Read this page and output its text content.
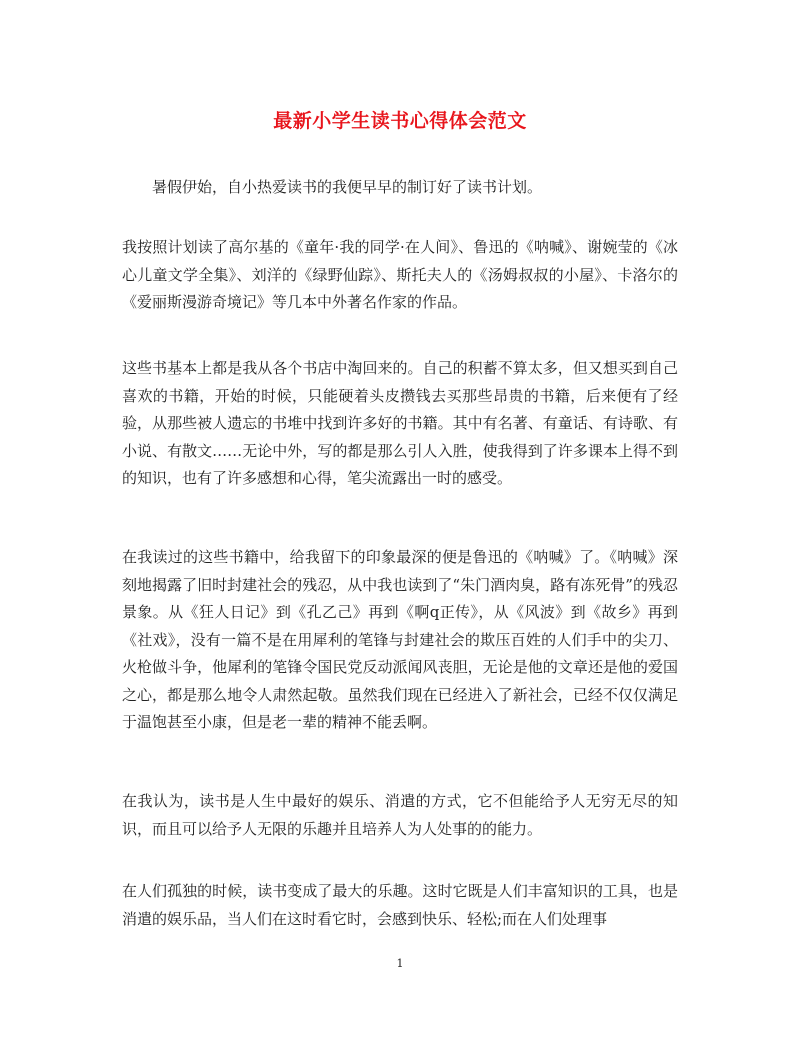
最新小学生读书心得体会范文

暑假伊始，自小热爱读书的我便早早的制订好了读书计划。

我按照计划读了高尔基的《童年·我的同学·在人间》、鲁迅的《呐喊》、谢婉莹的《冰心儿童文学全集》、刘洋的《绿野仙踪》、斯托夫人的《汤姆叔叔的小屋》、卡洛尔的《爱丽斯漫游奇境记》等几本中外著名作家的作品。

这些书基本上都是我从各个书店中淘回来的。自己的积蓄不算太多，但又想买到自己喜欢的书籍，开始的时候，只能硬着头皮攒钱去买那些昂贵的书籍，后来便有了经验，从那些被人遗忘的书堆中找到许多好的书籍。其中有名著、有童话、有诗歌、有小说、有散文……无论中外，写的都是那么引人入胜，使我得到了许多课本上得不到的知识，也有了许多感想和心得，笔尖流露出一时的感受。

在我读过的这些书籍中，给我留下的印象最深的便是鲁迅的《呐喊》了。《呐喊》深刻地揭露了旧时封建社会的残忍，从中我也读到了“朱门酒肉臭，路有冻死骨”的残忍景象。从《狂人日记》到《孔乙己》再到《啊q正传》，从《风波》到《故乡》再到《社戏》，没有一篇不是在用犀利的笔锋与封建社会的欺压百姓的人们手中的尖刀、火枪做斗争，他犀利的笔锋令国民党反动派闻风丧胆，无论是他的文章还是他的爱国之心，都是那么地令人肃然起敬。虽然我们现在已经进入了新社会，已经不仅仅满足于温饱甚至小康，但是老一辈的精神不能丢啊。

在我认为，读书是人生中最好的娱乐、消遣的方式，它不但能给予人无穷无尽的知识，而且可以给予人无限的乐趣并且培养人为人处事的的能力。

在人们孤独的时候，读书变成了最大的乐趣。这时它既是人们丰富知识的工具，也是消遣的娱乐品，当人们在这时看它时，会感到快乐、轻松;而在人们处理事

1
